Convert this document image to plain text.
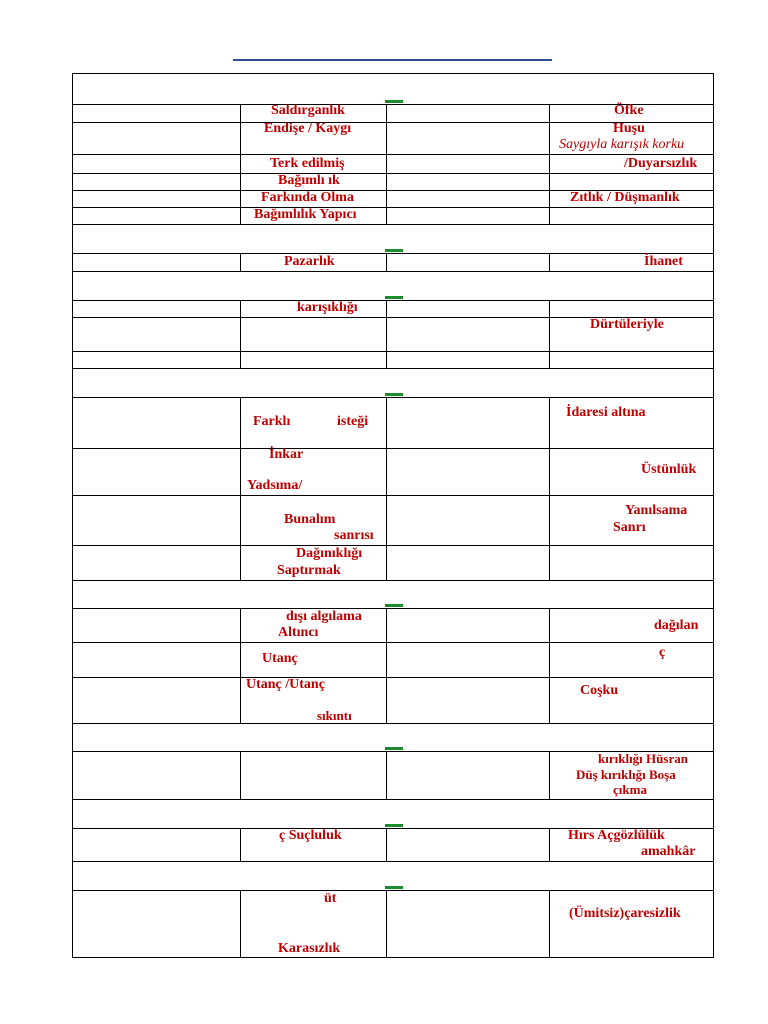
Saldırganlık
Endişe / Kaygı
Terk edilmiş
Bağımlı ık
Farkında Olma
Bağımlılık Yapıcı
Pazarlık
karışıklığı
Farklı	isteği
İnkar
Yadsıma/
Bunalım
sanrısı
Dağınıklığı
Saptırmak
dışı algılama
Altıncı
Utanç
Utanç /Utanç
sıkıntı
ç Suçluluk
üt
Karasızlık
Öfke
Huşu
Saygıyla karışık korku
/Duyarsızlık
Zıtlık / Düşmanlık
İhanet
Dürtüleriyle
İdaresi altına
Üstünlük
Yanılsama
Sanrı
dağılan
ç
Coşku
kırıklığı Hüsran
Düş kırıklığı Boşa
çıkma
Hırs Açgözlülük
amahkâr
(Ümitsiz)çaresizlik
